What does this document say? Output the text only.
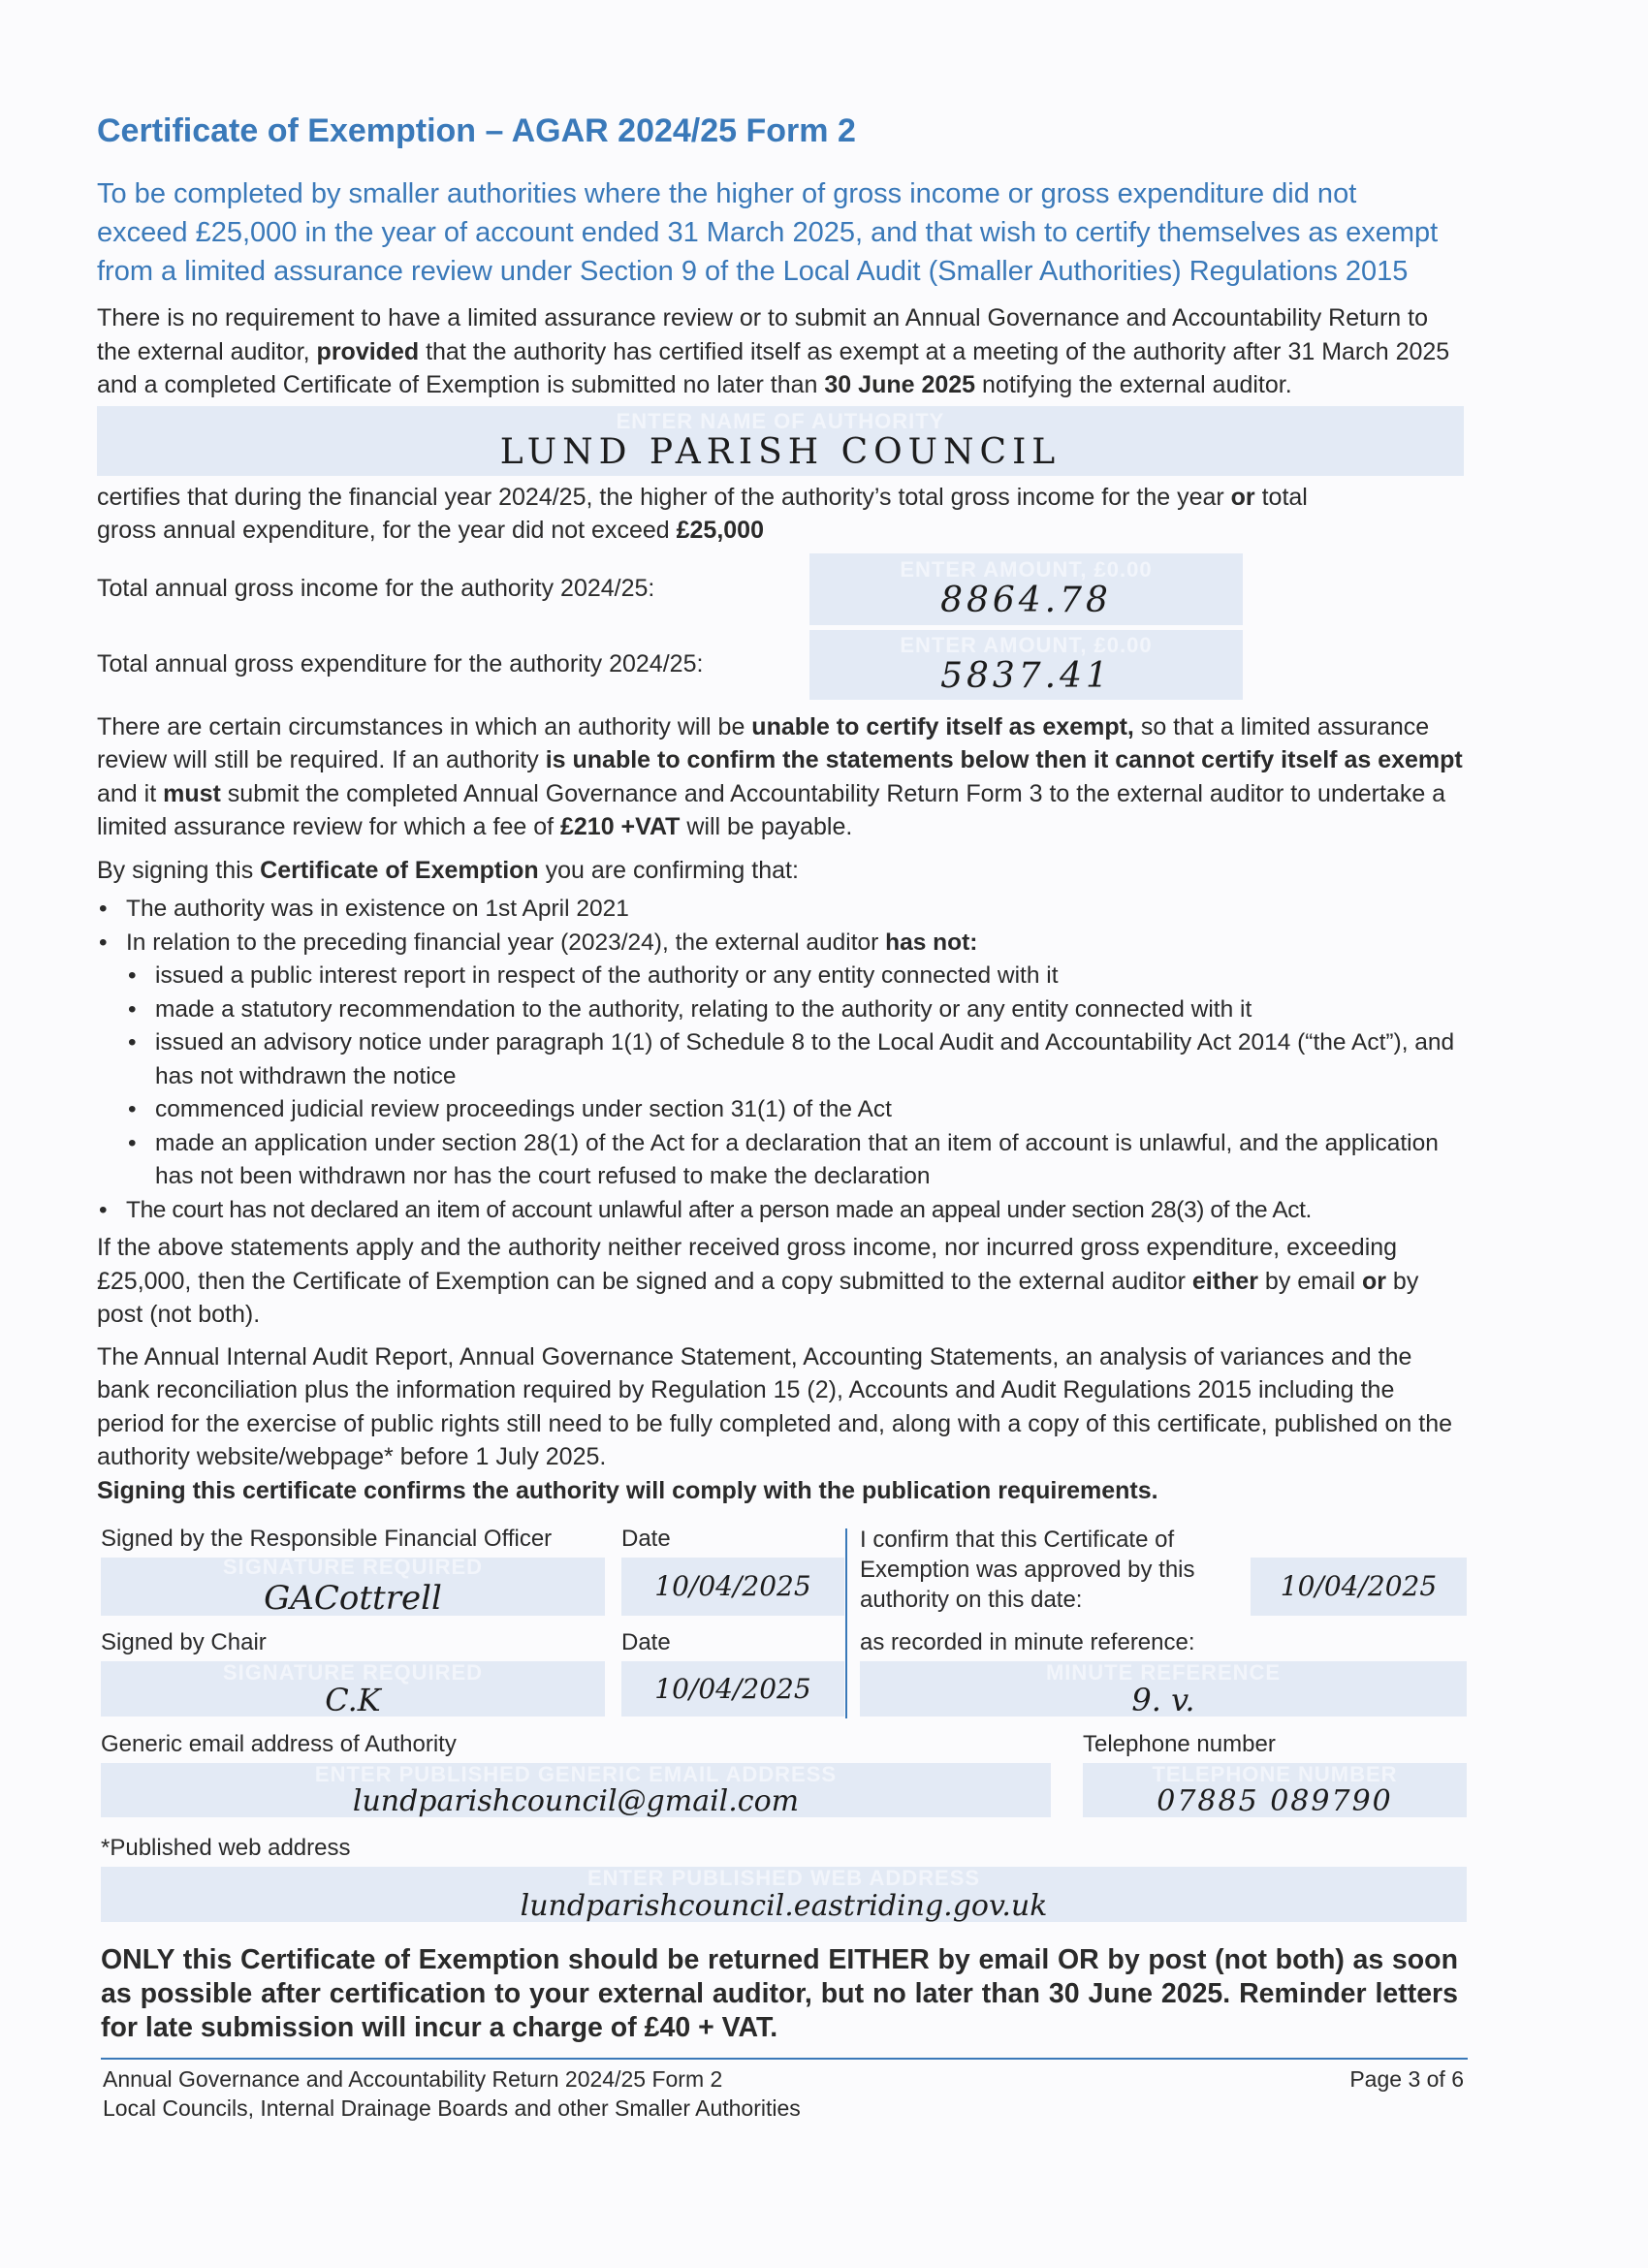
Certificate of Exemption – AGAR 2024/25 Form 2
To be completed by smaller authorities where the higher of gross income or gross expenditure did not exceed £25,000 in the year of account ended 31 March 2025, and that wish to certify themselves as exempt from a limited assurance review under Section 9 of the Local Audit (Smaller Authorities) Regulations 2015
There is no requirement to have a limited assurance review or to submit an Annual Governance and Accountability Return to the external auditor, provided that the authority has certified itself as exempt at a meeting of the authority after 31 March 2025 and a completed Certificate of Exemption is submitted no later than 30 June 2025 notifying the external auditor.
ENTER NAME OF AUTHORITY
LUND PARISH COUNCIL
certifies that during the financial year 2024/25, the higher of the authority’s total gross income for the year or total gross annual expenditure, for the year did not exceed £25,000
Total annual gross income for the authority 2024/25:
ENTER AMOUNT, £0.00
8864.78
Total annual gross expenditure for the authority 2024/25:
ENTER AMOUNT, £0.00
5837.41
There are certain circumstances in which an authority will be unable to certify itself as exempt, so that a limited assurance review will still be required. If an authority is unable to confirm the statements below then it cannot certify itself as exempt and it must submit the completed Annual Governance and Accountability Return Form 3 to the external auditor to undertake a limited assurance review for which a fee of £210 +VAT will be payable.
By signing this Certificate of Exemption you are confirming that:
• The authority was in existence on 1st April 2021
• In relation to the preceding financial year (2023/24), the external auditor has not:
• issued a public interest report in respect of the authority or any entity connected with it
• made a statutory recommendation to the authority, relating to the authority or any entity connected with it
• issued an advisory notice under paragraph 1(1) of Schedule 8 to the Local Audit and Accountability Act 2014 (“the Act”), and has not withdrawn the notice
• commenced judicial review proceedings under section 31(1) of the Act
• made an application under section 28(1) of the Act for a declaration that an item of account is unlawful, and the application has not been withdrawn nor has the court refused to make the declaration
• The court has not declared an item of account unlawful after a person made an appeal under section 28(3) of the Act.
If the above statements apply and the authority neither received gross income, nor incurred gross expenditure, exceeding £25,000, then the Certificate of Exemption can be signed and a copy submitted to the external auditor either by email or by post (not both).
The Annual Internal Audit Report, Annual Governance Statement, Accounting Statements, an analysis of variances and the bank reconciliation plus the information required by Regulation 15 (2), Accounts and Audit Regulations 2015 including the period for the exercise of public rights still need to be fully completed and, along with a copy of this certificate, published on the authority website/webpage* before 1 July 2025.
Signing this certificate confirms the authority will comply with the publication requirements.
Signed by the Responsible Financial Officer
SIGNATURE REQUIRED
GACottrell
Date
10/04/2025
I confirm that this Certificate of Exemption was approved by this authority on this date:	10/04/2025
Signed by Chair
SIGNATURE REQUIRED
C.K
Date
10/04/2025
as recorded in minute reference:
MINUTE REFERENCE
9. v.
Generic email address of Authority
ENTER PUBLISHED GENERIC EMAIL ADDRESS
lundparishcouncil@gmail.com
Telephone number
TELEPHONE NUMBER
07885 089790
*Published web address
ENTER PUBLISHED WEB ADDRESS
lundparishcouncil.eastriding.gov.uk
ONLY this Certificate of Exemption should be returned EITHER by email OR by post (not both) as soon as possible after certification to your external auditor, but no later than 30 June 2025. Reminder letters for late submission will incur a charge of £40 + VAT.
Annual Governance and Accountability Return 2024/25 Form 2
Local Councils, Internal Drainage Boards and other Smaller Authorities
Page 3 of 6
